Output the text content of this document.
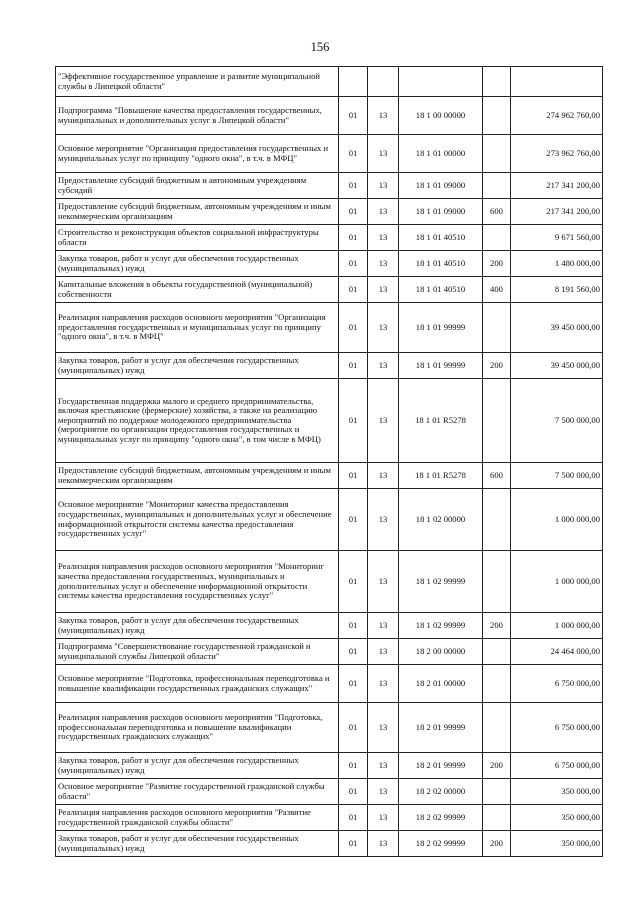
156
"Эффективное государственное управление и развитие муниципальной службы в Липецкой области"					
Подпрограмма "Повышение качества предоставления государственных, муниципальных и дополнительных услуг в Липецкой области"	01	13	18 1 00 00000		274 962 760,00
Основное мероприятие "Организация предоставления государственных и муниципальных услуг по принципу "одного окна", в т.ч. в МФЦ"	01	13	18 1 01 00000		273 962 760,00
Предоставление субсидий бюджетным и автономным учреждениям субсидий	01	13	18 1 01 09000		217 341 200,00
Предоставление субсидий бюджетным, автономным учреждениям и иным некоммерческим организациям	01	13	18 1 01 09000	600	217 341 200,00
Строительство и реконструкция объектов социальной инфраструктуры области	01	13	18 1 01 40510		9 671 560,00
Закупка товаров, работ и услуг для обеспечения государственных (муниципальных) нужд	01	13	18 1 01 40510	200	1 480 000,00
Капитальные вложения в объекты государственной (муниципальной) собственности	01	13	18 1 01 40510	400	8 191 560,00
Реализация направления расходов основного мероприятия "Организация предоставления государственных и муниципальных услуг по принципу "одного окна", в т.ч. в МФЦ"	01	13	18 1 01 99999		39 450 000,00
Закупка товаров, работ и услуг для обеспечения государственных (муниципальных) нужд	01	13	18 1 01 99999	200	39 450 000,00
Государственная поддержка малого и среднего предпринимательства, включая крестьянские (фермерские) хозяйства, а также на реализацию мероприятий по поддержке молодежного предпринимательства (мероприятие по организации предоставления государственных и муниципальных услуг по принципу "одного окна", в том числе в МФЦ)	01	13	18 1 01 R5278		7 500 000,00
Предоставление субсидий бюджетным, автономным учреждениям и иным некоммерческим организациям	01	13	18 1 01 R5278	600	7 500 000,00
Основное мероприятие "Мониторинг качества предоставления государственных, муниципальных и дополнительных услуг и обеспечение информационной открытости системы качества предоставления государственных услуг"	01	13	18 1 02 00000		1 000 000,00
Реализация направления расходов основного мероприятия "Мониторинг качества предоставления государственных, муниципальных и дополнительных услуг и обеспечение информационной открытости системы качества предоставления государственных услуг"	01	13	18 1 02 99999		1 000 000,00
Закупка товаров, работ и услуг для обеспечения государственных (муниципальных) нужд	01	13	18 1 02 99999	200	1 000 000,00
Подпрограмма "Совершенствование государственной гражданской и муниципальной службы Липецкой области"	01	13	18 2 00 00000		24 464 000,00
Основное мероприятие "Подготовка, профессиональная переподготовка и повышение квалификации государственных гражданских служащих"	01	13	18 2 01 00000		6 750 000,00
Реализация направления расходов основного мероприятия "Подготовка, профессиональная переподготовка и повышение квалификации государственных гражданских служащих"	01	13	18 2 01 99999		6 750 000,00
Закупка товаров, работ и услуг для обеспечения государственных (муниципальных) нужд	01	13	18 2 01 99999	200	6 750 000,00
Основное мероприятие "Развитие государственной гражданской службы области"	01	13	18 2 02 00000		350 000,00
Реализация направления расходов основного мероприятия "Развитие государственной гражданской службы области"	01	13	18 2 02 99999		350 000,00
Закупка товаров, работ и услуг для обеспечения государственных (муниципальных) нужд	01	13	18 2 02 99999	200	350 000,00
